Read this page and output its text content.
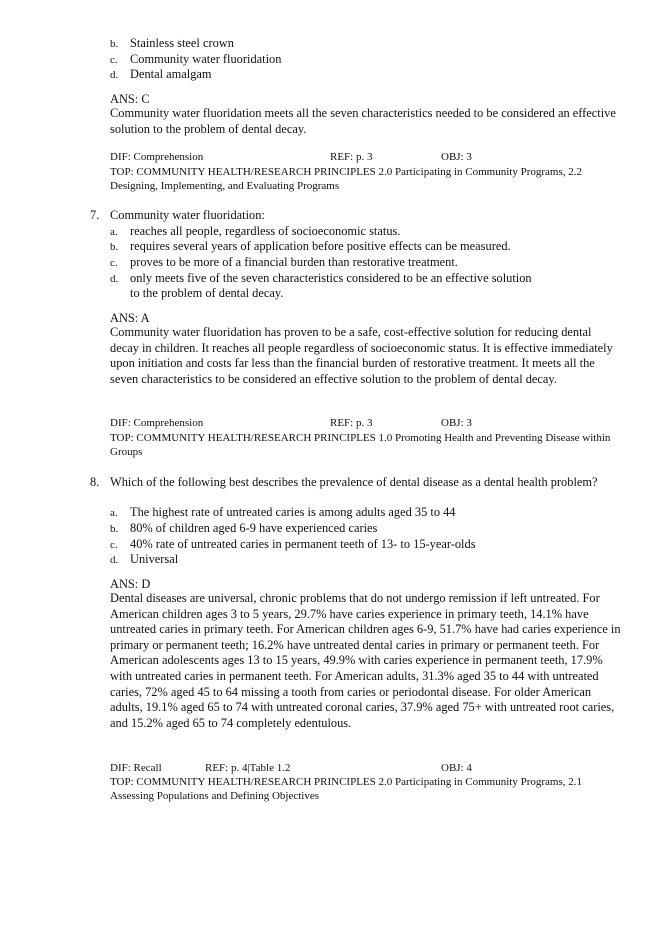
b. Stainless steel crown
c. Community water fluoridation
d. Dental amalgam
ANS: C
Community water fluoridation meets all the seven characteristics needed to be considered an effective solution to the problem of dental decay.
DIF: Comprehension	REF: p. 3	OBJ: 3
TOP: COMMUNITY HEALTH/RESEARCH PRINCIPLES 2.0 Participating in Community Programs, 2.2 Designing, Implementing, and Evaluating Programs
7. Community water fluoridation:
a. reaches all people, regardless of socioeconomic status.
b. requires several years of application before positive effects can be measured.
c. proves to be more of a financial burden than restorative treatment.
d. only meets five of the seven characteristics considered to be an effective solution
to the problem of dental decay.
ANS: A
Community water fluoridation has proven to be a safe, cost-effective solution for reducing dental decay in children. It reaches all people regardless of socioeconomic status. It is effective immediately upon initiation and costs far less than the financial burden of restorative treatment. It meets all the seven characteristics to be considered an effective solution to the problem of dental decay.
DIF: Comprehension	REF: p. 3	OBJ: 3
TOP: COMMUNITY HEALTH/RESEARCH PRINCIPLES 1.0 Promoting Health and Preventing Disease within Groups
8. Which of the following best describes the prevalence of dental disease as a dental health problem?
a. The highest rate of untreated caries is among adults aged 35 to 44
b. 80% of children aged 6-9 have experienced caries
c. 40% rate of untreated caries in permanent teeth of 13- to 15-year-olds
d. Universal
ANS: D
Dental diseases are universal, chronic problems that do not undergo remission if left untreated. For American children ages 3 to 5 years, 29.7% have caries experience in primary teeth, 14.1% have untreated caries in primary teeth. For American children ages 6-9, 51.7% have had caries experience in primary or permanent teeth; 16.2% have untreated dental caries in primary or permanent teeth. For American adolescents ages 13 to 15 years, 49.9% with caries experience in permanent teeth, 17.9% with untreated caries in permanent teeth. For American adults, 31.3% aged 35 to 44 with untreated caries, 72% aged 45 to 64 missing a tooth from caries or periodontal disease. For older American adults, 19.1% aged 65 to 74 with untreated coronal caries, 37.9% aged 75+ with untreated root caries, and 15.2% aged 65 to 74 completely edentulous.
DIF: Recall	REF: p. 4|Table 1.2	OBJ: 4
TOP: COMMUNITY HEALTH/RESEARCH PRINCIPLES 2.0 Participating in Community Programs, 2.1 Assessing Populations and Defining Objectives
